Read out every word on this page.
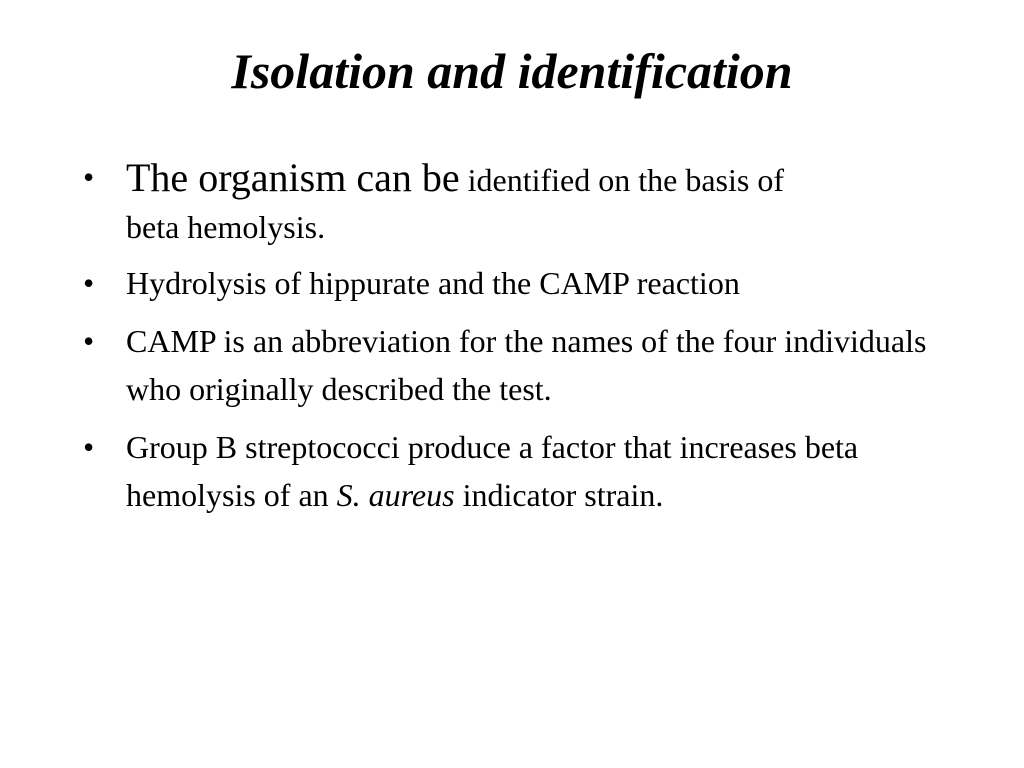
Isolation and identification
• The organism can be identified on the basis of
beta hemolysis.
• Hydrolysis of hippurate and the CAMP reaction
• CAMP is an abbreviation for the names of the four individuals who originally described the test.
• Group B streptococci produce a factor that increases beta hemolysis of an S. aureus indicator strain.
